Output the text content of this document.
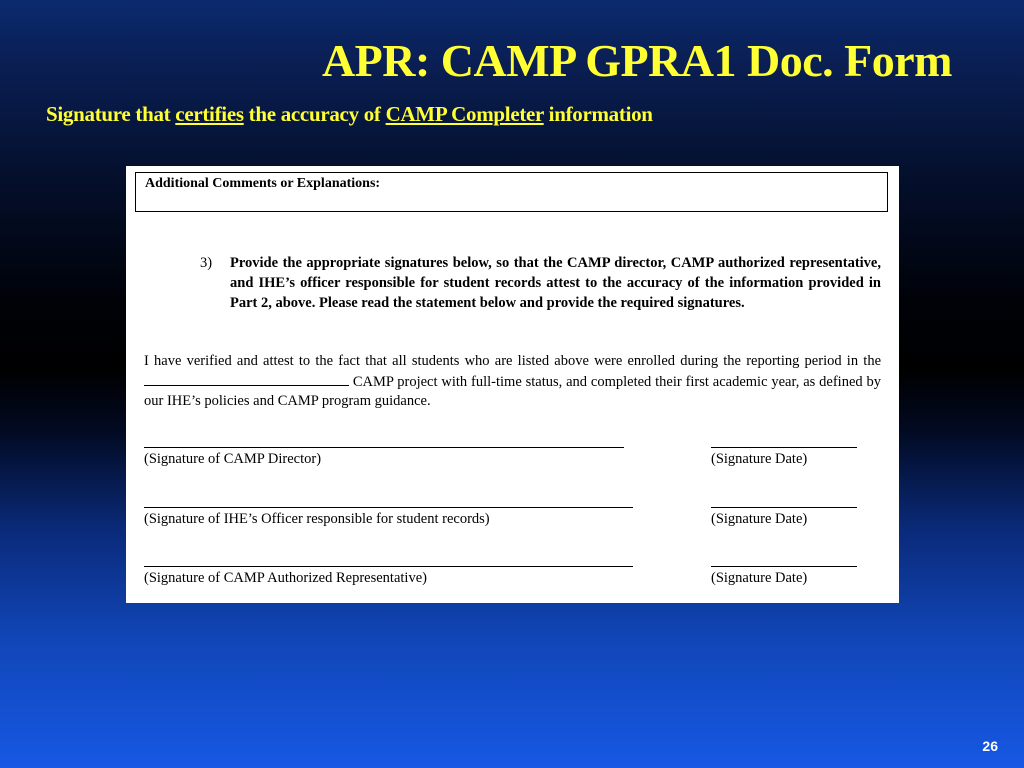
APR: CAMP GPRA1 Doc. Form

Signature that certifies the accuracy of CAMP Completer information

Additional Comments or Explanations:
3) Provide the appropriate signatures below, so that the CAMP director, CAMP authorized representative, and IHE’s officer responsible for student records attest to the accuracy of the information provided in Part 2, above. Please read the statement below and provide the required signatures.
I have verified and attest to the fact that all students who are listed above were enrolled during the reporting period in the  CAMP project with full-time status, and completed their first academic year, as defined by our IHE’s policies and CAMP program guidance.
(Signature of CAMP Director)	(Signature Date)
(Signature of IHE’s Officer responsible for student records)	(Signature Date)
(Signature of CAMP Authorized Representative)	(Signature Date)
26
